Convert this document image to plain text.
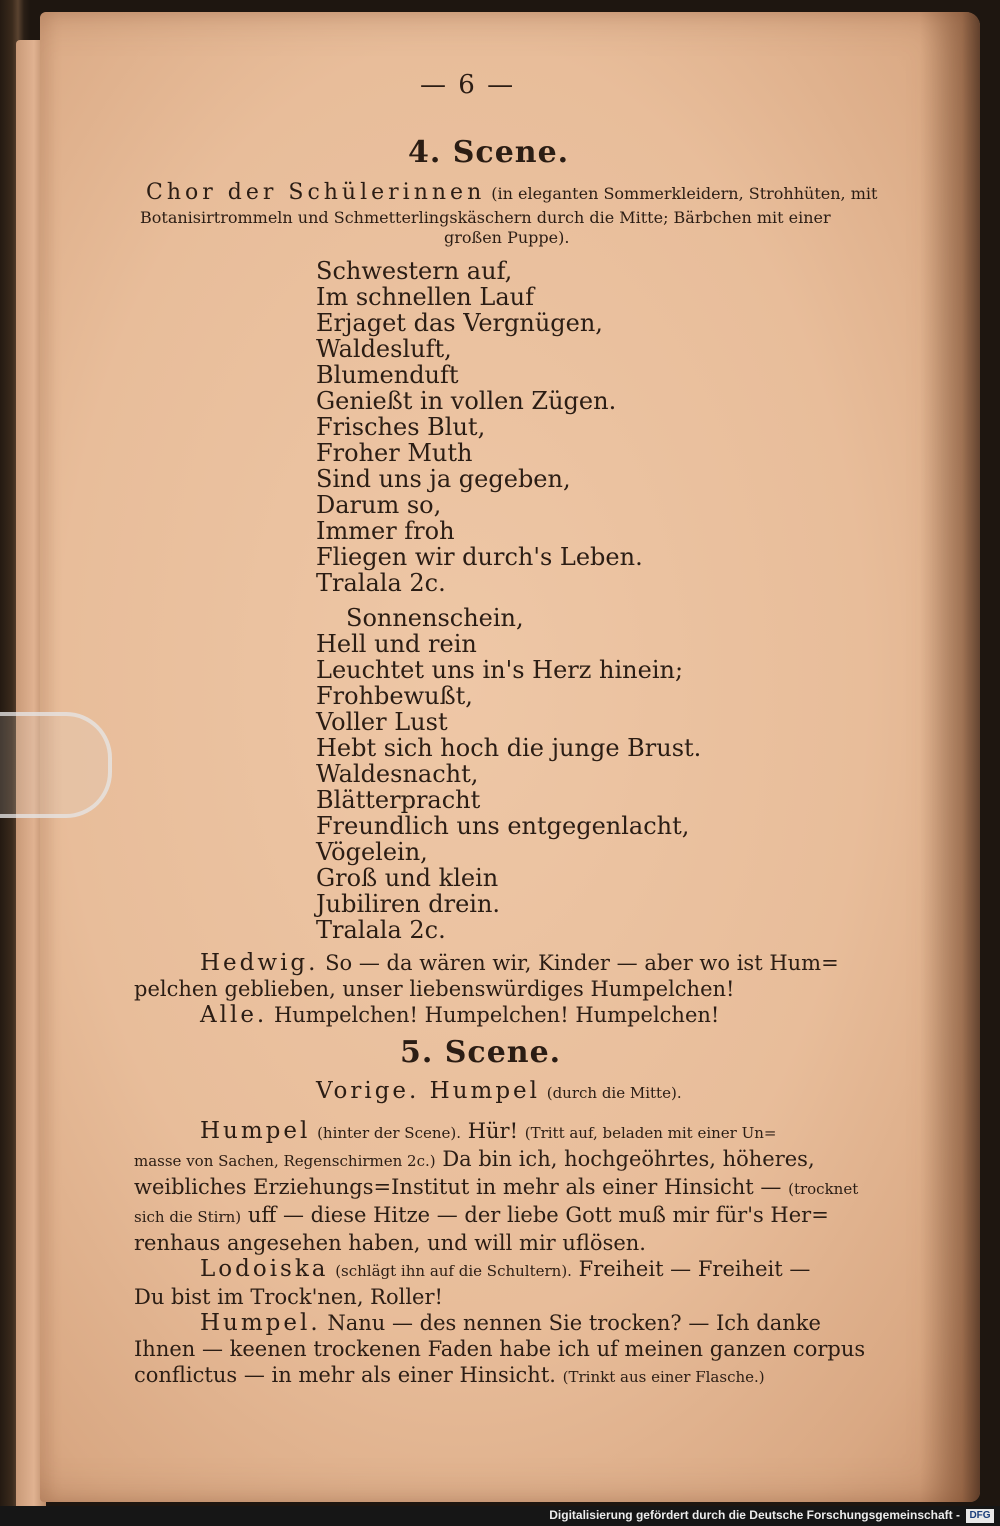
— 6 —
4. Scene.
Chor der Schülerinnen (in eleganten Sommerkleidern, Strohhüten, mit
Botanisirtrommeln und Schmetterlingskäschern durch die Mitte; Bärbchen mit einer
großen Puppe).
Schwestern auf,
Im schnellen Lauf
Erjaget das Vergnügen,
Waldesluft,
Blumenduft
Genießt in vollen Zügen.
Frisches Blut,
Froher Muth
Sind uns ja gegeben,
Darum so,
Immer froh
Fliegen wir durch's Leben.
Tralala 2c.
Sonnenschein,
Hell und rein
Leuchtet uns in's Herz hinein;
Frohbewußt,
Voller Lust
Hebt sich hoch die junge Brust.
Waldesnacht,
Blätterpracht
Freundlich uns entgegenlacht,
Vögelein,
Groß und klein
Jubiliren drein.
Tralala 2c.

Hedwig. So — da wären wir, Kinder — aber wo ist Hum=

pelchen geblieben, unser liebenswürdiges Humpelchen!

Alle. Humpelchen! Humpelchen! Humpelchen!

5. Scene.
Vorige. Humpel (durch die Mitte).

Humpel (hinter der Scene). Hür! (Tritt auf, beladen mit einer Un=

masse von Sachen, Regenschirmen 2c.) Da bin ich, hochgeöhrtes, höheres,

weibliches Erziehungs=Institut in mehr als einer Hinsicht — (trocknet

sich die Stirn) uff — diese Hitze — der liebe Gott muß mir für's Her=

renhaus angesehen haben, und will mir uflösen.

Lodoiska (schlägt ihn auf die Schultern). Freiheit — Freiheit —

Du bist im Trock'nen, Roller!

Humpel. Nanu — des nennen Sie trocken? — Ich danke

Ihnen — keenen trockenen Faden habe ich uf meinen ganzen corpus

conflictus — in mehr als einer Hinsicht. (Trinkt aus einer Flasche.)

Digitalisierung gefördert durch die Deutsche Forschungsgemeinschaft - DFG
